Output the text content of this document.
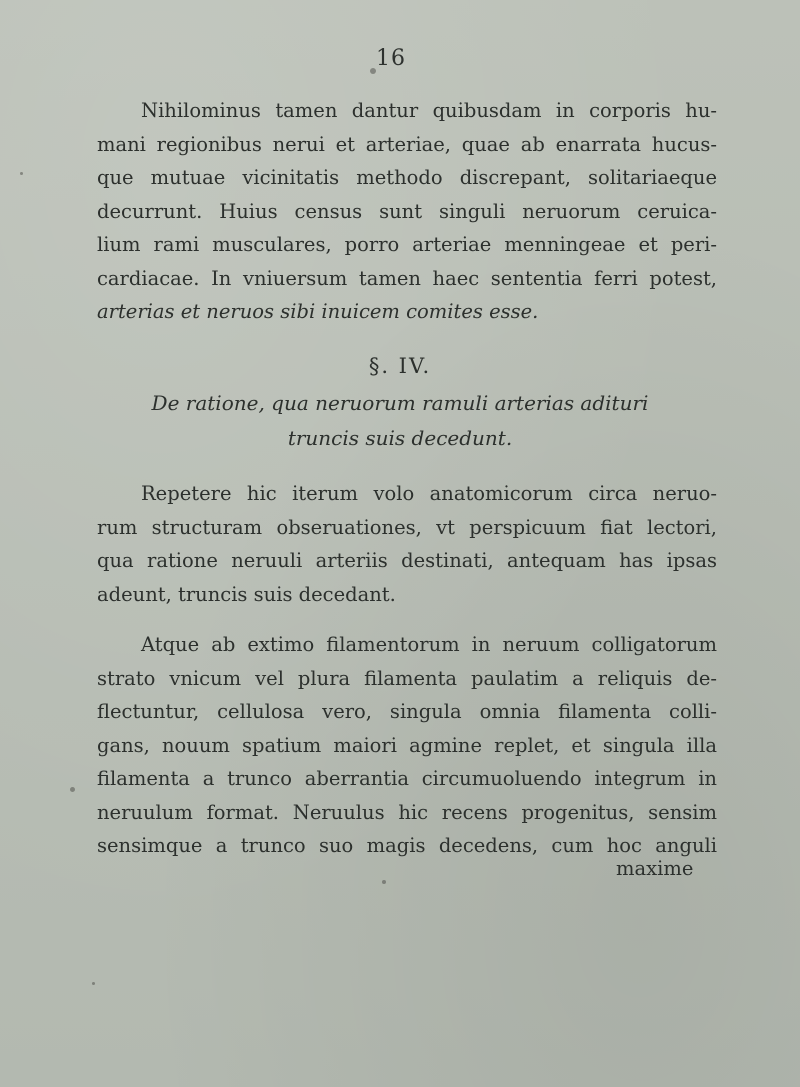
16
Nihilominus tamen dantur quibusdam in corporis hu-
mani regionibus nerui et arteriae, quae ab enarrata hucus-
que mutuae vicinitatis methodo discrepant, solitariaeque
decurrunt. Huius census sunt singuli neruorum ceruica-
lium rami musculares, porro arteriae menningeae et peri-
cardiacae. In vniuersum tamen haec sententia ferri potest,
arterias et neruos sibi inuicem comites esse.
§. IV.
De ratione, qua neruorum ramuli arterias adituri
truncis suis decedunt.
Repetere hic iterum volo anatomicorum circa neruo-
rum structuram obseruationes, vt perspicuum fiat lectori,
qua ratione neruuli arteriis destinati, antequam has ipsas
adeunt, truncis suis decedant.
Atque ab extimo filamentorum in neruum colligatorum
strato vnicum vel plura filamenta paulatim a reliquis de-
flectuntur, cellulosa vero, singula omnia filamenta colli-
gans, nouum spatium maiori agmine replet, et singula illa
filamenta a trunco aberrantia circumuoluendo integrum in
neruulum format. Neruulus hic recens progenitus, sensim
sensimque a trunco suo magis decedens, cum hoc anguli
maxime
